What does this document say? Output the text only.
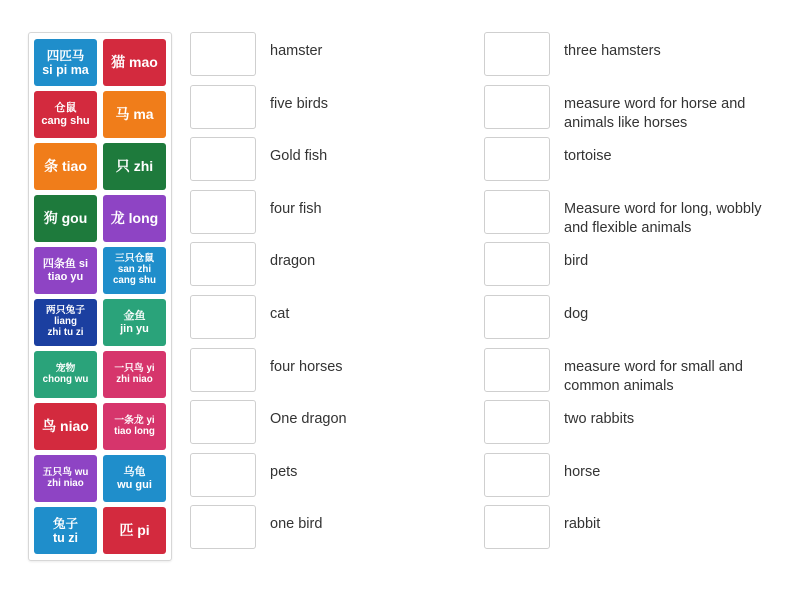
四匹马
si pi ma	猫 mao
仓鼠
cang shu	马 ma
条 tiao	只 zhi
狗 gou	龙 long
四条鱼 si
tiao yu
三只仓鼠
san zhi
cang shu
两只兔子
liang
zhi tu zi
金鱼
jin yu
宠物
chong wu
一只鸟 yi
zhi niao
鸟 niao	一条龙 yi
tiao long
五只鸟 wu
zhi niao
乌龟
wu gui
兔子
tu zi	匹 pi
hamster
five birds
Gold fish
four fish
dragon
cat
four horses
One dragon
pets
one bird
three hamsters
measure word for horse and animals like horses
tortoise
Measure word for long, wobbly and flexible animals
bird
dog
measure word for small and common animals
two rabbits
horse
rabbit
